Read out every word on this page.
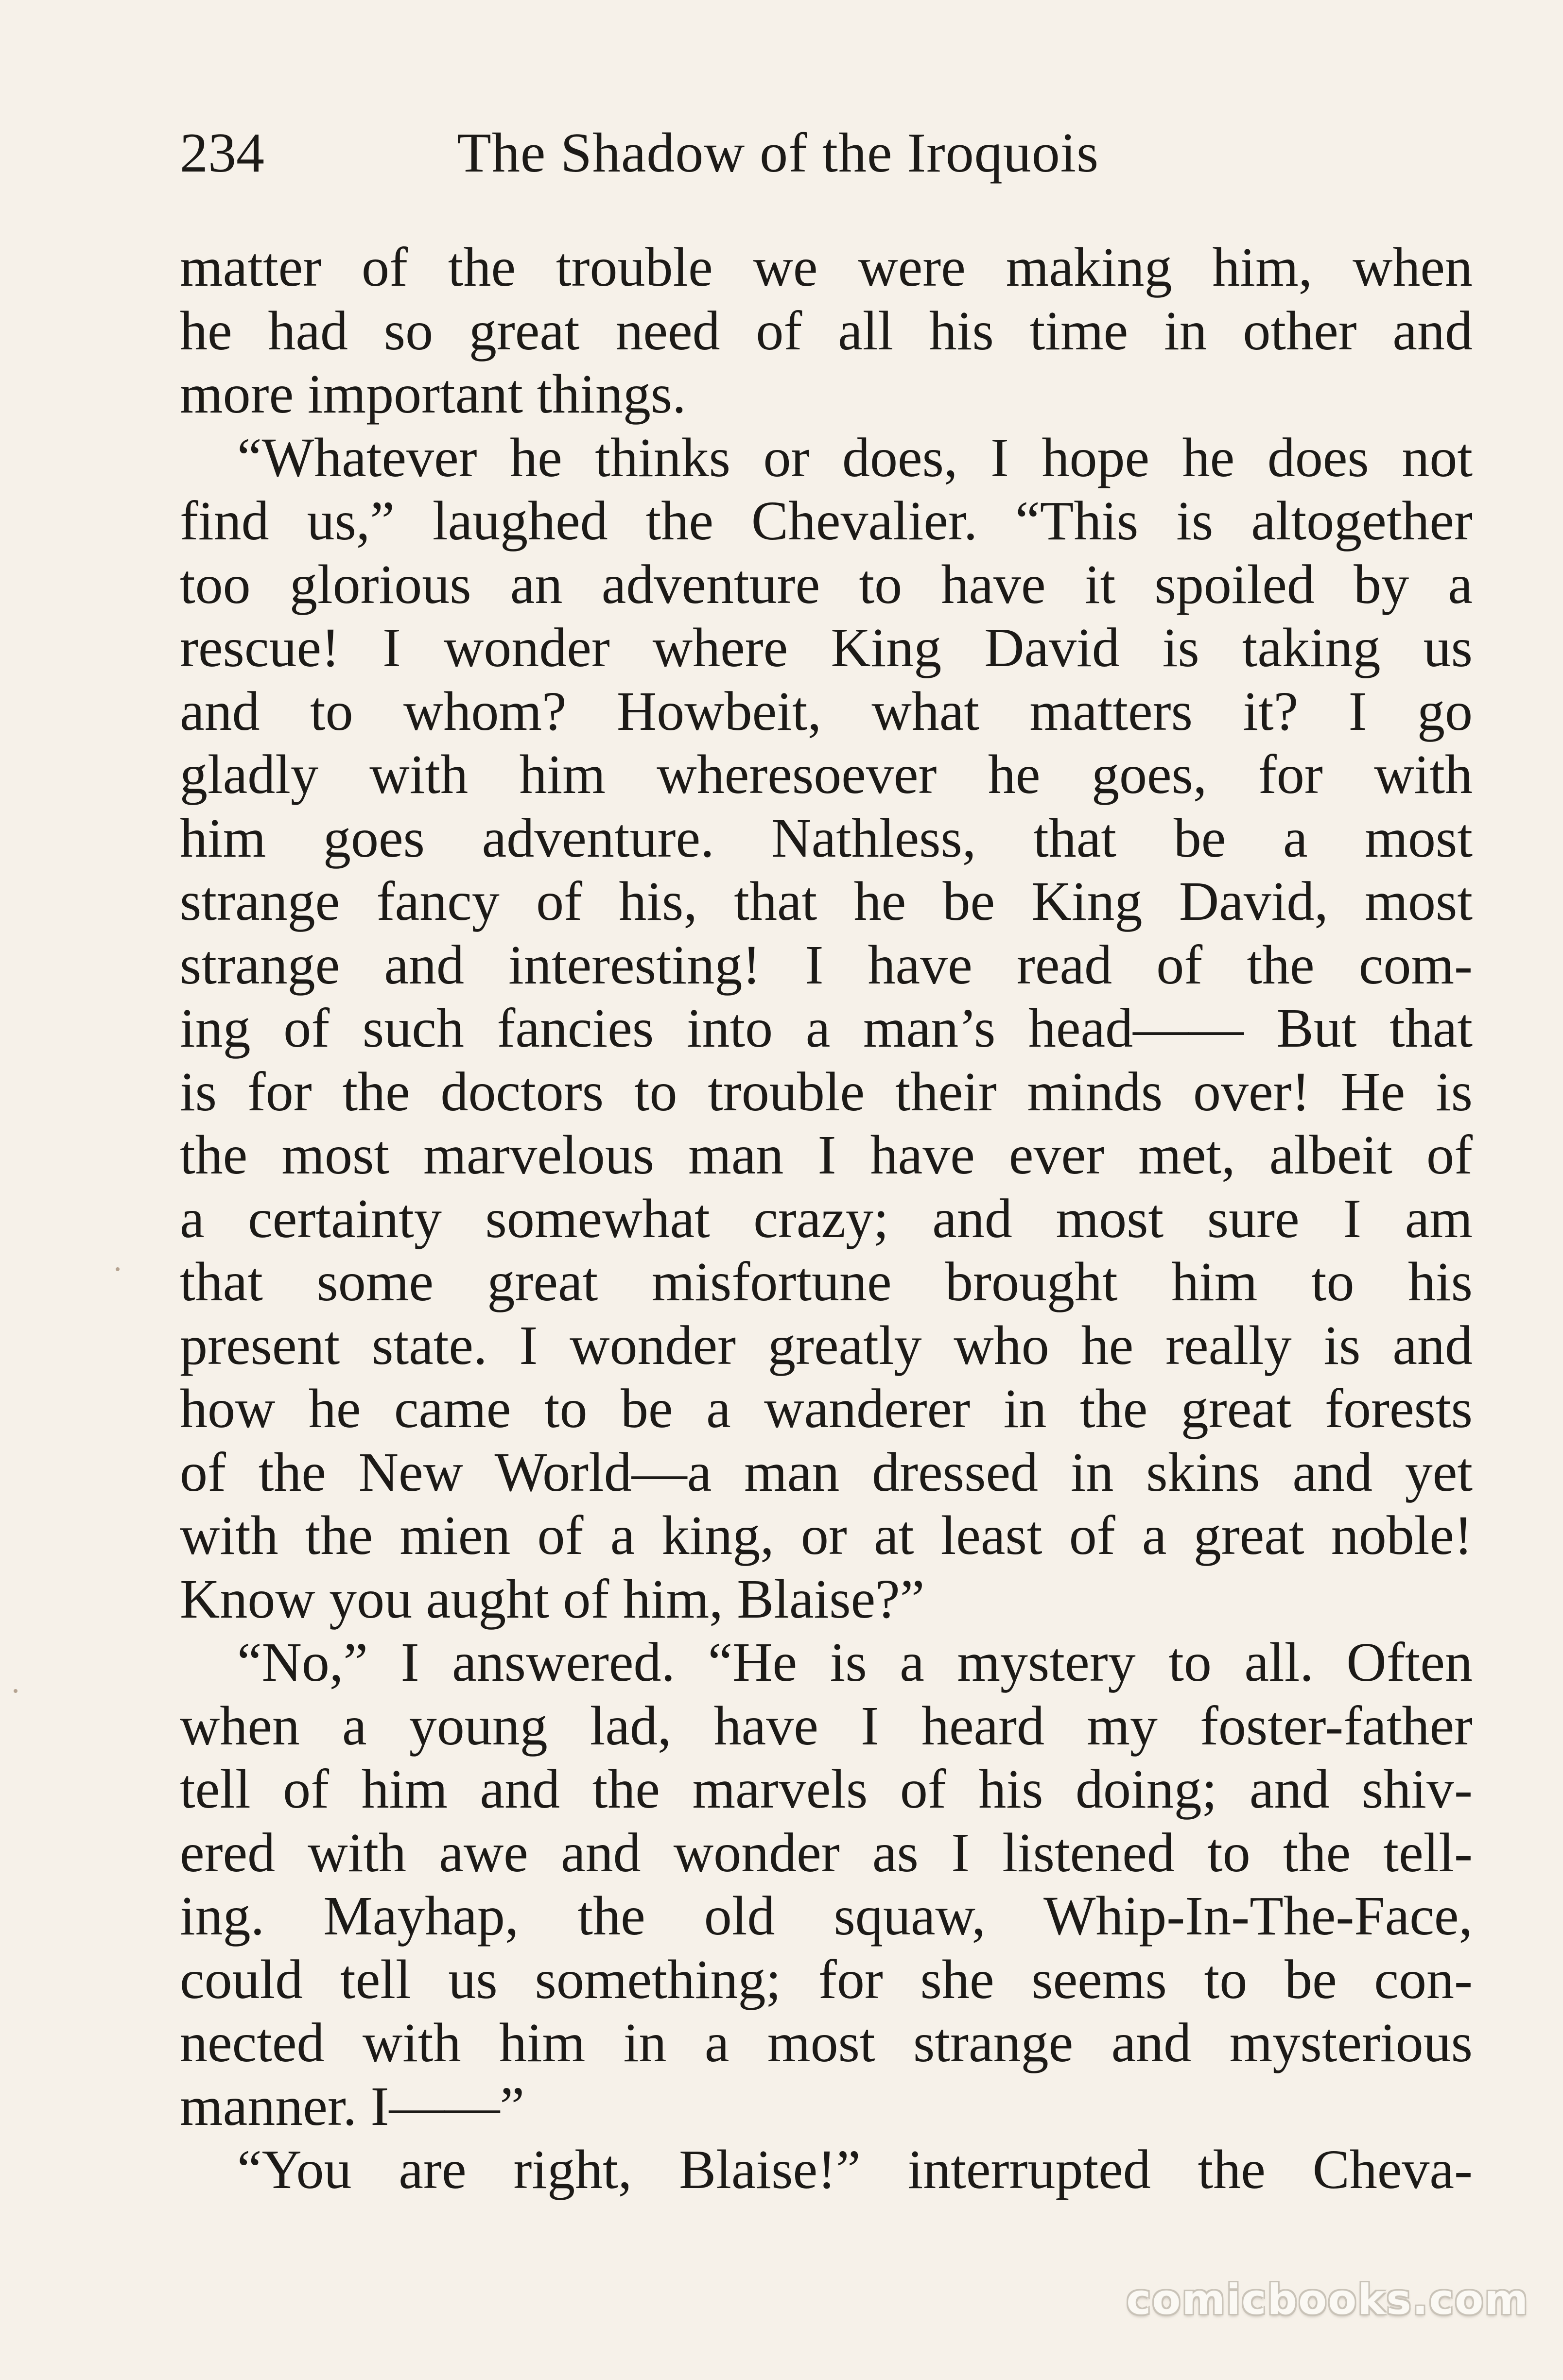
234	The Shadow of the Iroquois
matter of the trouble we were making him, when
he had so great need of all his time in other and
more important things.
“Whatever he thinks or does, I hope he does not
find us,” laughed the Chevalier. “This is altogether
too glorious an adventure to have it spoiled by a
rescue! I wonder where King David is taking us
and to whom? Howbeit, what matters it? I go
gladly with him wheresoever he goes, for with
him goes adventure. Nathless, that be a most
strange fancy of his, that he be King David, most
strange and interesting! I have read of the com-
ing of such fancies into a man’s head—— But that
is for the doctors to trouble their minds over! He is
the most marvelous man I have ever met, albeit of
a certainty somewhat crazy; and most sure I am
that some great misfortune brought him to his
present state. I wonder greatly who he really is and
how he came to be a wanderer in the great forests
of the New World—a man dressed in skins and yet
with the mien of a king, or at least of a great noble!
Know you aught of him, Blaise?”
“No,” I answered. “He is a mystery to all. Often
when a young lad, have I heard my foster-father
tell of him and the marvels of his doing; and shiv-
ered with awe and wonder as I listened to the tell-
ing. Mayhap, the old squaw, Whip-In-The-Face,
could tell us something; for she seems to be con-
nected with him in a most strange and mysterious
manner. I——”
“You are right, Blaise!” interrupted the Cheva-
comicbooks.com
